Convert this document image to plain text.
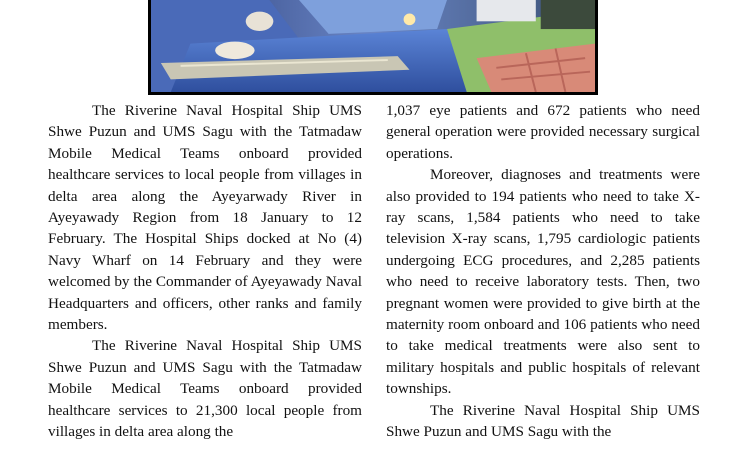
The Riverine Naval Hospital Ship UMS Shwe Puzun and UMS Sagu with the Tatmadaw Mobile Medical Teams onboard provided healthcare services to local people from villages in delta area along the Ayeyarwady River in Ayeyawady Region from 18 January to 12 February. The Hospital Ships docked at No (4) Navy Wharf on 14 February and they were welcomed by the Commander of Ayeyawady Naval Headquarters and officers, other ranks and family members.

The Riverine Naval Hospital Ship UMS Shwe Puzun and UMS Sagu with the Tatmadaw Mobile Medical Teams onboard provided healthcare services to 21,300 local people from villages in delta area along the

1,037 eye patients and 672 patients who need general operation were provided necessary surgical operations.

Moreover, diagnoses and treatments were also provided to 194 patients who need to take X-ray scans, 1,584 patients who need to take television X-ray scans, 1,795 cardiologic patients undergoing ECG procedures, and 2,285 patients who need to receive laboratory tests. Then, two pregnant women were provided to give birth at the maternity room onboard and 106 patients who need to take medical treatments were also sent to military hospitals and public hospitals of relevant townships.

The Riverine Naval Hospital Ship UMS Shwe Puzun and UMS Sagu with the
